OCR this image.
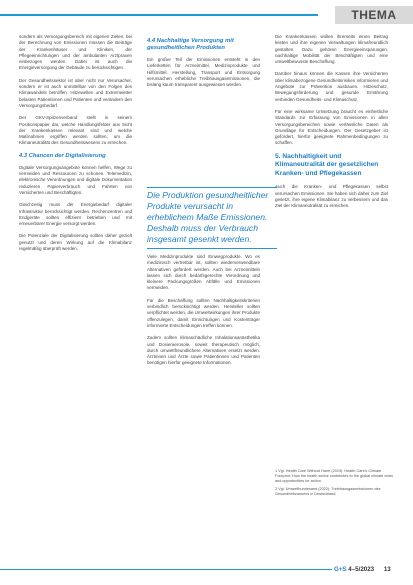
THEMA

sondern als Versorgungsbereich mit eigenen Zielen, bei der Berechnung von Emissionen müssen die Beiträge der Krankenhäuser und Kliniken, der Pflegeeinrichtungen und der ambulanten Arztpraxen einbezogen werden. Dabei ist auch die Energieversorgung der Gebäude zu berücksichtigen.

Der Gesundheitssektor ist aber nicht nur Verursacher, sondern er ist auch unmittelbar von den Folgen des Klimawandels betroffen. Hitzewellen und Extremwetter belasten Patientinnen und Patienten und verändern den Versorgungsbedarf.

Der GKV-Spitzenverband stellt in seinem Positionspapier dar, welche Handlungsfelder aus Sicht der Krankenkassen relevant sind und welche Maßnahmen ergriffen werden sollten, um die Klimaneutralität des Gesundheitswesens zu erreichen.

4.3 Chancen der Digitalisierung

Digitale Versorgungsangebote können helfen, Wege zu vermeiden und Ressourcen zu schonen. Telemedizin, elektronische Verordnungen und digitale Dokumentation reduzieren Papierverbrauch und Fahrten von Versicherten und Beschäftigten.

Gleichzeitig muss der Energiebedarf digitaler Infrastruktur berücksichtigt werden. Rechenzentren und Endgeräte sollten effizient betrieben und mit erneuerbarer Energie versorgt werden.

Die Potenziale der Digitalisierung sollten daher gezielt genutzt und deren Wirkung auf die Klimabilanz regelmäßig überprüft werden.

4.4 Nachhaltige Versorgung mit gesundheitlichen Produkten

Ein großer Teil der Emissionen entsteht in den Lieferketten für Arzneimittel, Medizinprodukte und Hilfsmittel. Herstellung, Transport und Entsorgung verursachen erhebliche Treibhausgasemissionen, die bislang kaum transparent ausgewiesen werden.

Die Produktion gesundheitlicher Produkte verursacht in erheblichem Maße Emissionen. Deshalb muss der Verbrauch insgesamt gesenkt werden.

Viele Medizinprodukte sind Einwegprodukte. Wo es medizinisch vertretbar ist, sollten wiederverwendbare Alternativen gefördert werden. Auch bei Arzneimitteln lassen sich durch bedarfsgerechte Verordnung und kleinere Packungsgrößen Abfälle und Emissionen vermeiden.

Für die Beschaffung sollten Nachhaltigkeitskriterien verbindlich berücksichtigt werden. Hersteller sollten verpflichtet werden, die Umweltwirkungen ihrer Produkte offenzulegen, damit Einrichtungen und Kostenträger informierte Entscheidungen treffen können.

Zudem sollten klimaschädliche Inhalationsanästhetika und Dosieraerosole, soweit therapeutisch möglich, durch umweltfreundlichere Alternativen ersetzt werden. Ärztinnen und Ärzte sowie Patientinnen und Patienten benötigen hierfür geeignete Informationen.

Die Krankenkassen wollen ihrerseits einen Beitrag leisten und ihre eigenen Verwaltungen klimafreundlich gestalten. Dazu gehören Energieeinsparungen, nachhaltige Mobilität der Beschäftigten und eine umweltbewusste Beschaffung.

Darüber hinaus können die Kassen ihre Versicherten über klimabezogene Gesundheitsrisiken informieren und Angebote zur Prävention ausbauen. Hitzeschutz, Bewegungsförderung und gesunde Ernährung verbinden Gesundheits- und Klimaschutz.

Für eine wirksame Umsetzung braucht es einheitliche Standards zur Erfassung von Emissionen in allen Versorgungsbereichen sowie verlässliche Daten als Grundlage für Entscheidungen. Der Gesetzgeber ist gefordert, hierfür geeignete Rahmenbedingungen zu schaffen.

5. Nachhaltigkeit und Klimaneutralität der gesetzlichen Kranken- und Pflegekassen

Auch die Kranken- und Pflegekassen selbst verursachen Emissionen. Sie haben sich daher zum Ziel gesetzt, ihre eigene Klimabilanz zu verbessern und das Ziel der Klimaneutralität zu erreichen.

1 Vgl. Health Care Without Harm (2019): Health Care's Climate Footprint. How the health sector contributes to the global climate crisis and opportunities for action.

2 Vgl. Umweltbundesamt (2022): Treibhausgasemissionen des Gesundheitswesens in Deutschland.

G+S 4–5/2023 13
